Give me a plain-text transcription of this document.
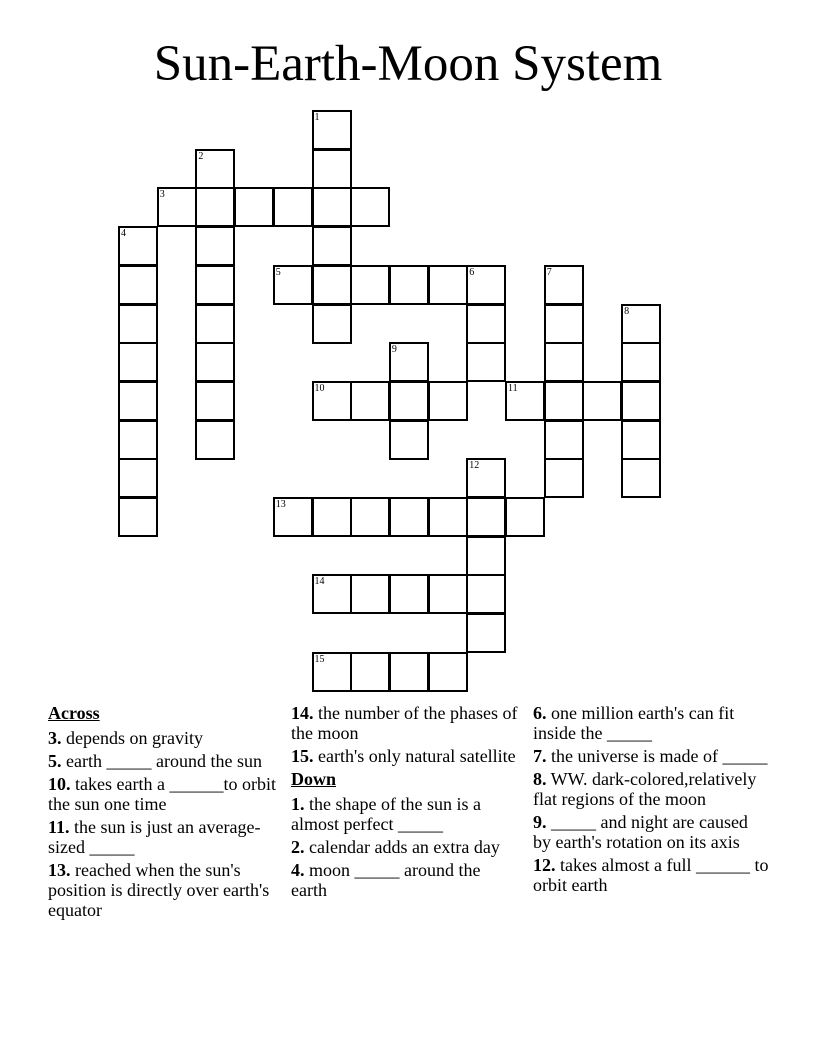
Sun-Earth-Moon System
1
2
3
4
5	6	7
8
9
10	11
12
13
14
15
Across
3. depends on gravity
5. earth _____ around the sun
10. takes earth a ______to orbit the sun one time
11. the sun is just an average-sized _____
13. reached when the sun's position is directly over earth's equator
14. the number of the phases of the moon
15. earth's only natural satellite
Down
1. the shape of the sun is a almost perfect _____
2. calendar adds an extra day
4. moon _____ around the earth
6. one million earth's can fit inside the _____
7. the universe is made of _____
8. WW. dark-colored,relatively flat regions of the moon
9. _____ and night are caused by earth's rotation on its axis
12. takes almost a full ______ to orbit earth
